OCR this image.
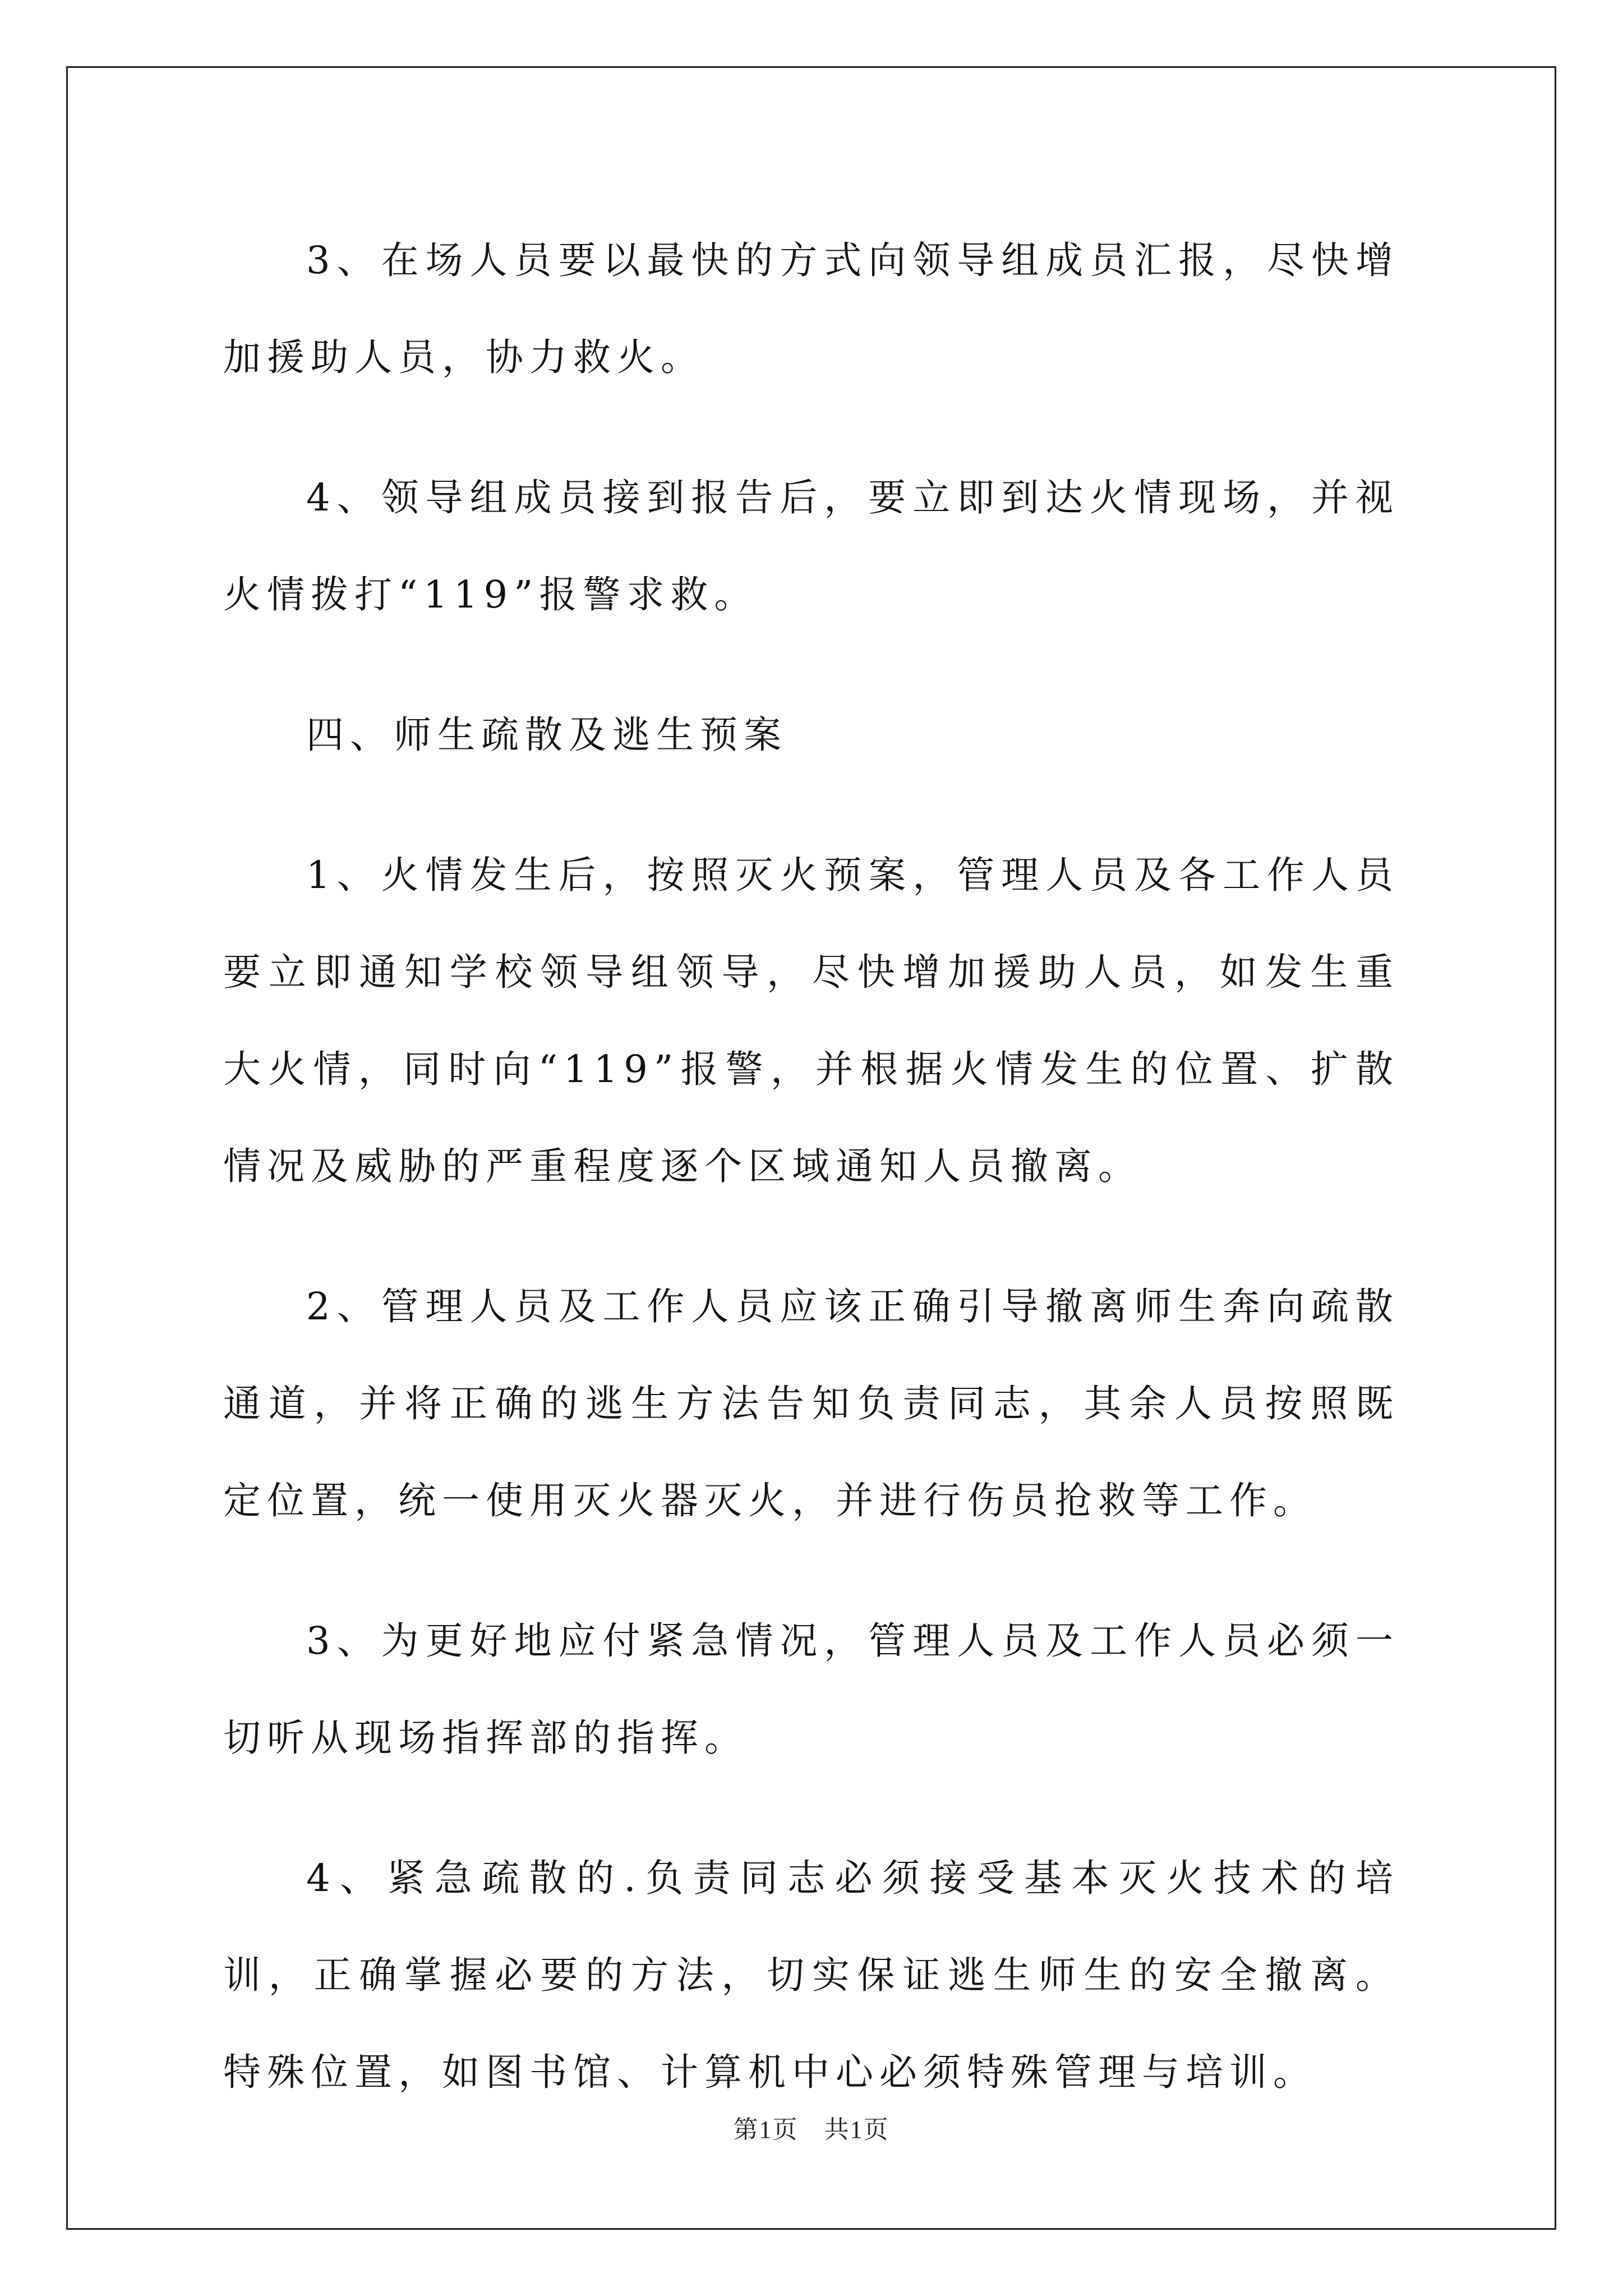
3、在场人员要以最快的方式向领导组成员汇报，尽快增加援助人员，协力救火。

4、领导组成员接到报告后，要立即到达火情现场，并视火情拨打“119”报警求救。

四、师生疏散及逃生预案

1、火情发生后，按照灭火预案，管理人员及各工作人员要立即通知学校领导组领导，尽快增加援助人员，如发生重大火情，同时向“119”报警，并根据火情发生的位置、扩散情况及威胁的严重程度逐个区域通知人员撤离。

2、管理人员及工作人员应该正确引导撤离师生奔向疏散通道，并将正确的逃生方法告知负责同志，其余人员按照既定位置，统一使用灭火器灭火，并进行伤员抢救等工作。

3、为更好地应付紧急情况，管理人员及工作人员必须一切听从现场指挥部的指挥。

4、紧急疏散的.负责同志必须接受基本灭火技术的培训，正确掌握必要的方法，切实保证逃生师生的安全撤离。特殊位置，如图书馆、计算机中心必须特殊管理与培训。

第1页　共1页
